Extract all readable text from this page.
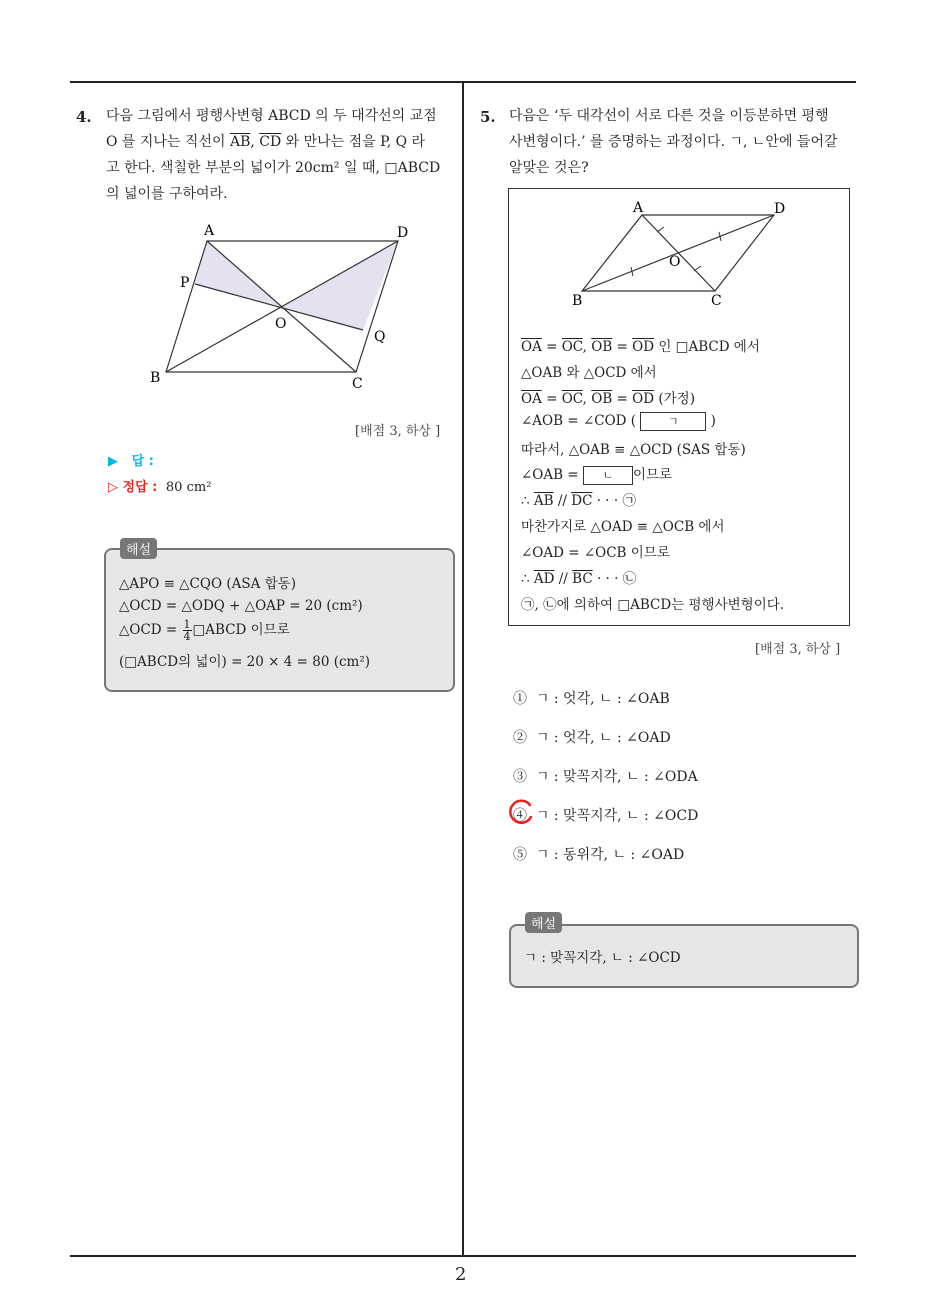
2
4. 다음 그림에서 평행사변형 ABCD 의 두 대각선의 교점
O 를 지나는 직선이 $\overline{AB}$, $\overline{CD}$ 와 만나는 점을 P, Q 라
고 한다. 색칠한 부분의 넓이가 20cm² 일 때, □ABCD
의 넓이를 구하여라.
A	D
P
O
Q
B	C
[배점 3, 하상 ]
▶ 답 :
▷ 정답 : 80 cm²
△APO ≡ △CQO (ASA 합동)
△OCD = △ODQ + △OAP = 20 (cm²)
△OCD = $\frac{1}{4}$ □ABCD 이므로
(□ABCD의 넓이) = 20 × 4 = 80 (cm²)
해설
5. 다음은 ‘두 대각선이 서로 다른 것을 이등분하면 평행
사변형이다.’ 를 증명하는 과정이다. ㄱ, ㄴ안에 들어갈
알맞은 것은?
A	D
O
B	C
$\overline{OA} = \overline{OC}$, $\overline{OB} = \overline{OD}$ 인 □ABCD 에서
△OAB 와 △OCD 에서
$\overline{OA} = \overline{OC}$, $\overline{OB} = \overline{OD}$ (가정)
∠AOB = ∠COD (	ㄱ )
따라서, △OAB ≡ △OCD (SAS 합동)
∠OAB = ㄴ 이므로
∴ $\overline{AB} // \overline{DC}$ · · · ㉠
마찬가지로 △OAD ≡ △OCB 에서
∠OAD = ∠OCB 이므로
∴ $\overline{AD} // \overline{BC}$ · · · ㉡
㉠, ㉡에 의하여 □ABCD는 평행사변형이다.
[배점 3, 하상 ]
① ㄱ : 엇각, ㄴ : ∠OAB
② ㄱ : 엇각, ㄴ : ∠OAD
③ ㄱ : 맞꼭지각, ㄴ : ∠ODA
④ ㄱ : 맞꼭지각, ㄴ : ∠OCD
⑤ ㄱ : 동위각, ㄴ : ∠OAD
ㄱ : 맞꼭지각, ㄴ : ∠OCD
해설
